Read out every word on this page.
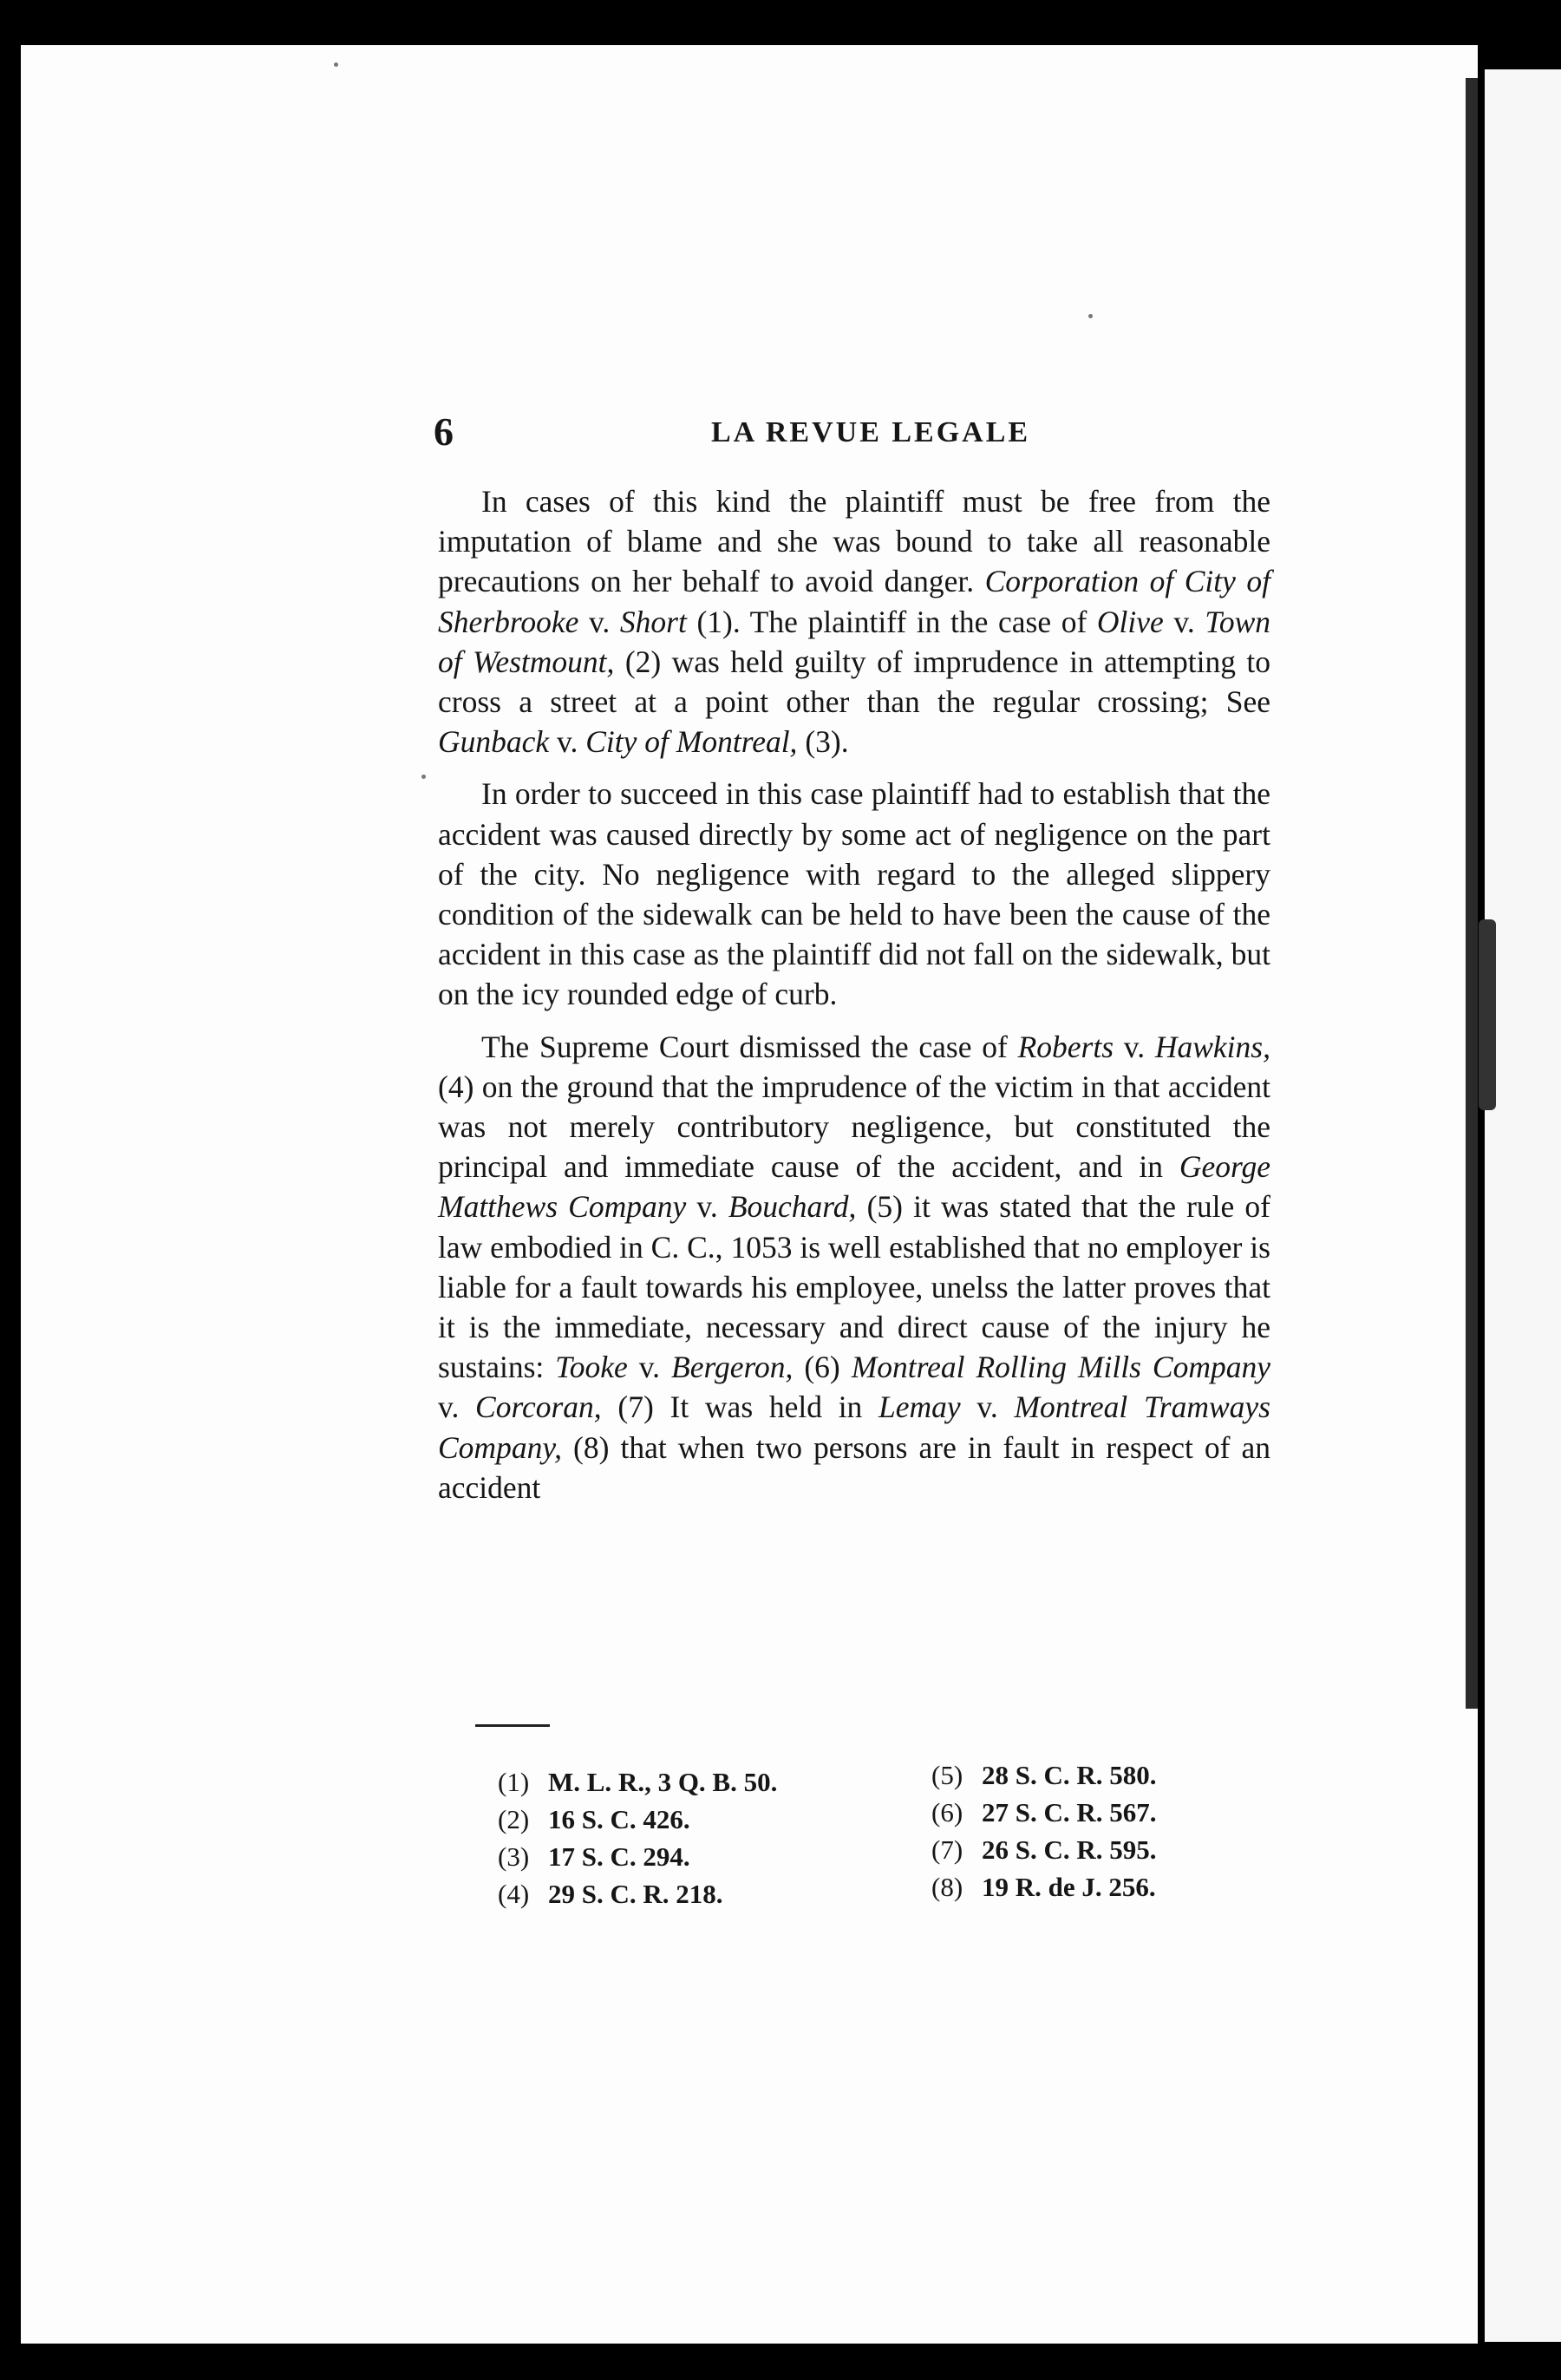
6	LA REVUE LEGALE

In cases of this kind the plaintiff must be free from the imputation of blame and she was bound to take all reasonable precautions on her behalf to avoid danger. Corporation of City of Sherbrooke v. Short (1). The plaintiff in the case of Olive v. Town of Westmount, (2) was held guilty of imprudence in attempting to cross a street at a point other than the regular crossing; See Gunback v. City of Montreal, (3).

In order to succeed in this case plaintiff had to establish that the accident was caused directly by some act of negligence on the part of the city. No negligence with regard to the alleged slippery condition of the sidewalk can be held to have been the cause of the accident in this case as the plaintiff did not fall on the sidewalk, but on the icy rounded edge of curb.

The Supreme Court dismissed the case of Roberts v. Hawkins, (4) on the ground that the imprudence of the victim in that accident was not merely contributory negligence, but constituted the principal and immediate cause of the accident, and in George Matthews Company v. Bouchard, (5) it was stated that the rule of law embodied in C. C., 1053 is well established that no employer is liable for a fault towards his employee, unelss the latter proves that it is the immediate, necessary and direct cause of the injury he sustains: Tooke v. Bergeron, (6) Montreal Rolling Mills Company v. Corcoran, (7) It was held in Lemay v. Montreal Tramways Company, (8) that when two persons are in fault in respect of an accident

(1) M. L. R., 3 Q. B. 50.
(2) 16 S. C. 426.
(3) 17 S. C. 294.
(4) 29 S. C. R. 218.
(5) 28 S. C. R. 580.
(6) 27 S. C. R. 567.
(7) 26 S. C. R. 595.
(8) 19 R. de J. 256.
